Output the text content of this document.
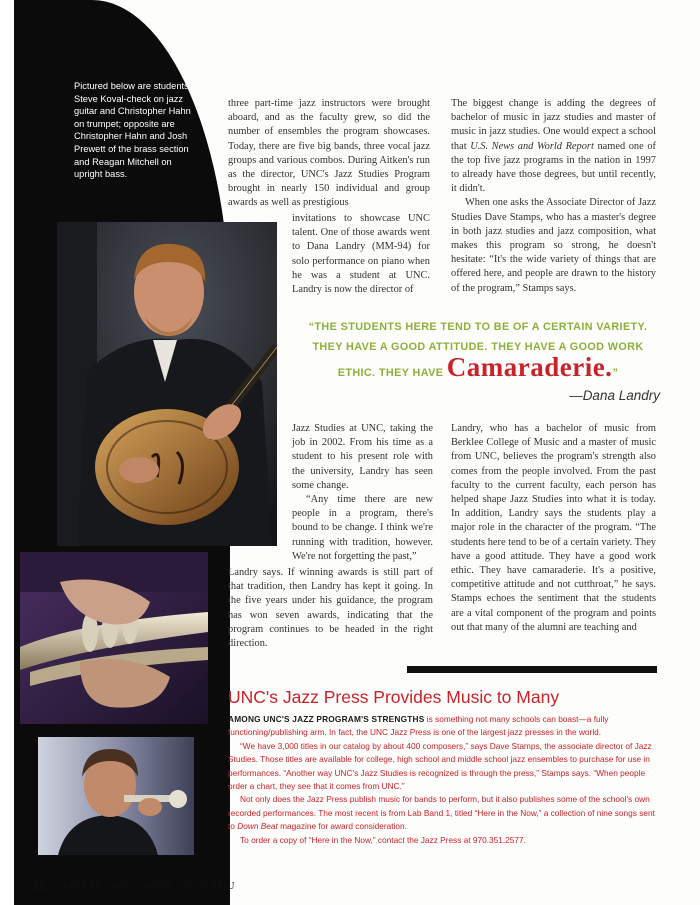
Pictured below are students Steve Koval-check on jazz guitar and Christopher Hahn on trumpet; opposite are Christopher Hahn and Josh Prewett of the brass section and Reagan Mitchell on upright bass.

three part-time jazz instructors were brought aboard, and as the faculty grew, so did the number of ensembles the program showcases. Today, there are five big bands, three vocal jazz groups and various combos. During Aitken's run as the director, UNC's Jazz Studies Program brought in nearly 150 individual and group awards as well as prestigious

invitations to showcase UNC talent. One of those awards went to Dana Landry (MM-94) for solo performance on piano when he was a student at UNC. Landry is now the director of

The biggest change is adding the degrees of bachelor of music in jazz studies and master of music in jazz studies. One would expect a school that U.S. News and World Report named one of the top five jazz programs in the nation in 1997 to already have those degrees, but until recently, it didn't.

When one asks the Associate Director of Jazz Studies Dave Stamps, who has a master's degree in both jazz studies and jazz composition, what makes this program so strong, he doesn't hesitate: “It's the wide variety of things that are offered here, and people are drawn to the history of the program,” Stamps says.

“THE STUDENTS HERE TEND TO BE OF A CERTAIN VARIETY.
THEY HAVE A GOOD ATTITUDE. THEY HAVE A GOOD WORK
ETHIC. THEY HAVE Camaraderie.”
—Dana Landry

Jazz Studies at UNC, taking the job in 2002. From his time as a student to his present role with the university, Landry has seen some change.

“Any time there are new people in a program, there's bound to be change. I think we're running with tradition, however. We're not forgetting the past,”

Landry says. If winning awards is still part of that tradition, then Landry has kept it going. In the five years under his guidance, the program has won seven awards, indicating that the program continues to be headed in the right direction.

Landry, who has a bachelor of music from Berklee College of Music and a master of music from UNC, believes the program's strength also comes from the people involved. From the past faculty to the current faculty, each person has helped shape Jazz Studies into what it is today. In addition, Landry says the students play a major role in the character of the program. “The students here tend to be of a certain variety. They have a good attitude. They have a good work ethic. They have camaraderie. It's a positive, competitive attitude and not cutthroat,” he says. Stamps echoes the sentiment that the students are a vital component of the program and points out that many of the alumni are teaching and

UNC's Jazz Press Provides Music to Many

AMONG UNC'S JAZZ PROGRAM'S STRENGTHS is something not many schools can boast—a fully functioning/publishing arm. In fact, the UNC Jazz Press is one of the largest jazz presses in the world.

“We have 3,000 titles in our catalog by about 400 composers,” says Dave Stamps, the associate director of Jazz Studies. Those titles are available for college, high school and middle school jazz ensembles to purchase for use in performances. “Another way UNC's Jazz Studies is recognized is through the press,” Stamps says. “When people order a chart, they see that it comes from UNC.”

Not only does the Jazz Press publish music for bands to perform, but it also publishes some of the school's own recorded performances. The most recent is from Lab Band 1, titled “Here in the Now,” a collection of nine songs sent to Down Beat magazine for award consideration.

To order a copy of “Here in the Now,” contact the Jazz Press at 970.351.2577.

12 < WINTER 2008 > WWW.UNCO.EDU
